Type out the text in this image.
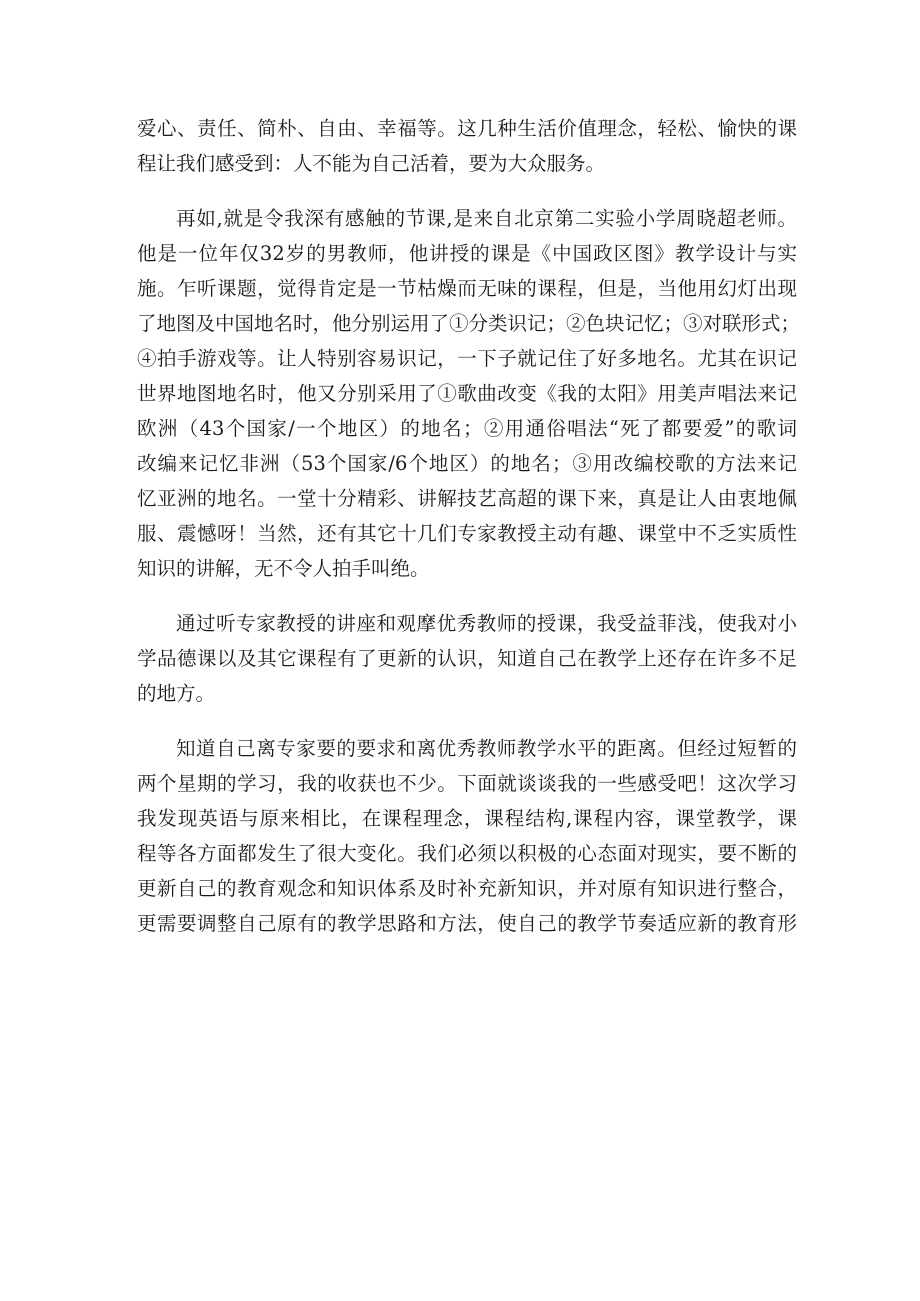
爱心、责任、简朴、自由、幸福等。这几种生活价值理念，轻松、愉快的课
程让我们感受到：人不能为自己活着，要为大众服务。
再如,就是令我深有感触的节课,是来自北京第二实验小学周晓超老师。
他是一位年仅32岁的男教师，他讲授的课是《中国政区图》教学设计与实
施。乍听课题，觉得肯定是一节枯燥而无味的课程，但是，当他用幻灯出现
了地图及中国地名时，他分别运用了①分类识记；②色块记忆；③对联形式；
④拍手游戏等。让人特别容易识记，一下子就记住了好多地名。尤其在识记
世界地图地名时，他又分别采用了①歌曲改变《我的太阳》用美声唱法来记
欧洲（43个国家/一个地区）的地名；②用通俗唱法“死了都要爱”的歌词
改编来记忆非洲（53个国家/6个地区）的地名；③用改编校歌的方法来记
忆亚洲的地名。一堂十分精彩、讲解技艺高超的课下来，真是让人由衷地佩
服、震憾呀！当然，还有其它十几们专家教授主动有趣、课堂中不乏实质性
知识的讲解，无不令人拍手叫绝。
通过听专家教授的讲座和观摩优秀教师的授课，我受益菲浅，使我对小
学品德课以及其它课程有了更新的认识，知道自己在教学上还存在许多不足
的地方。
知道自己离专家要的要求和离优秀教师教学水平的距离。但经过短暂的
两个星期的学习，我的收获也不少。下面就谈谈我的一些感受吧！这次学习
我发现英语与原来相比，在课程理念，课程结构,课程内容，课堂教学，课
程等各方面都发生了很大变化。我们必须以积极的心态面对现实，要不断的
更新自己的教育观念和知识体系及时补充新知识，并对原有知识进行整合，
更需要调整自己原有的教学思路和方法，使自己的教学节奏适应新的教育形
